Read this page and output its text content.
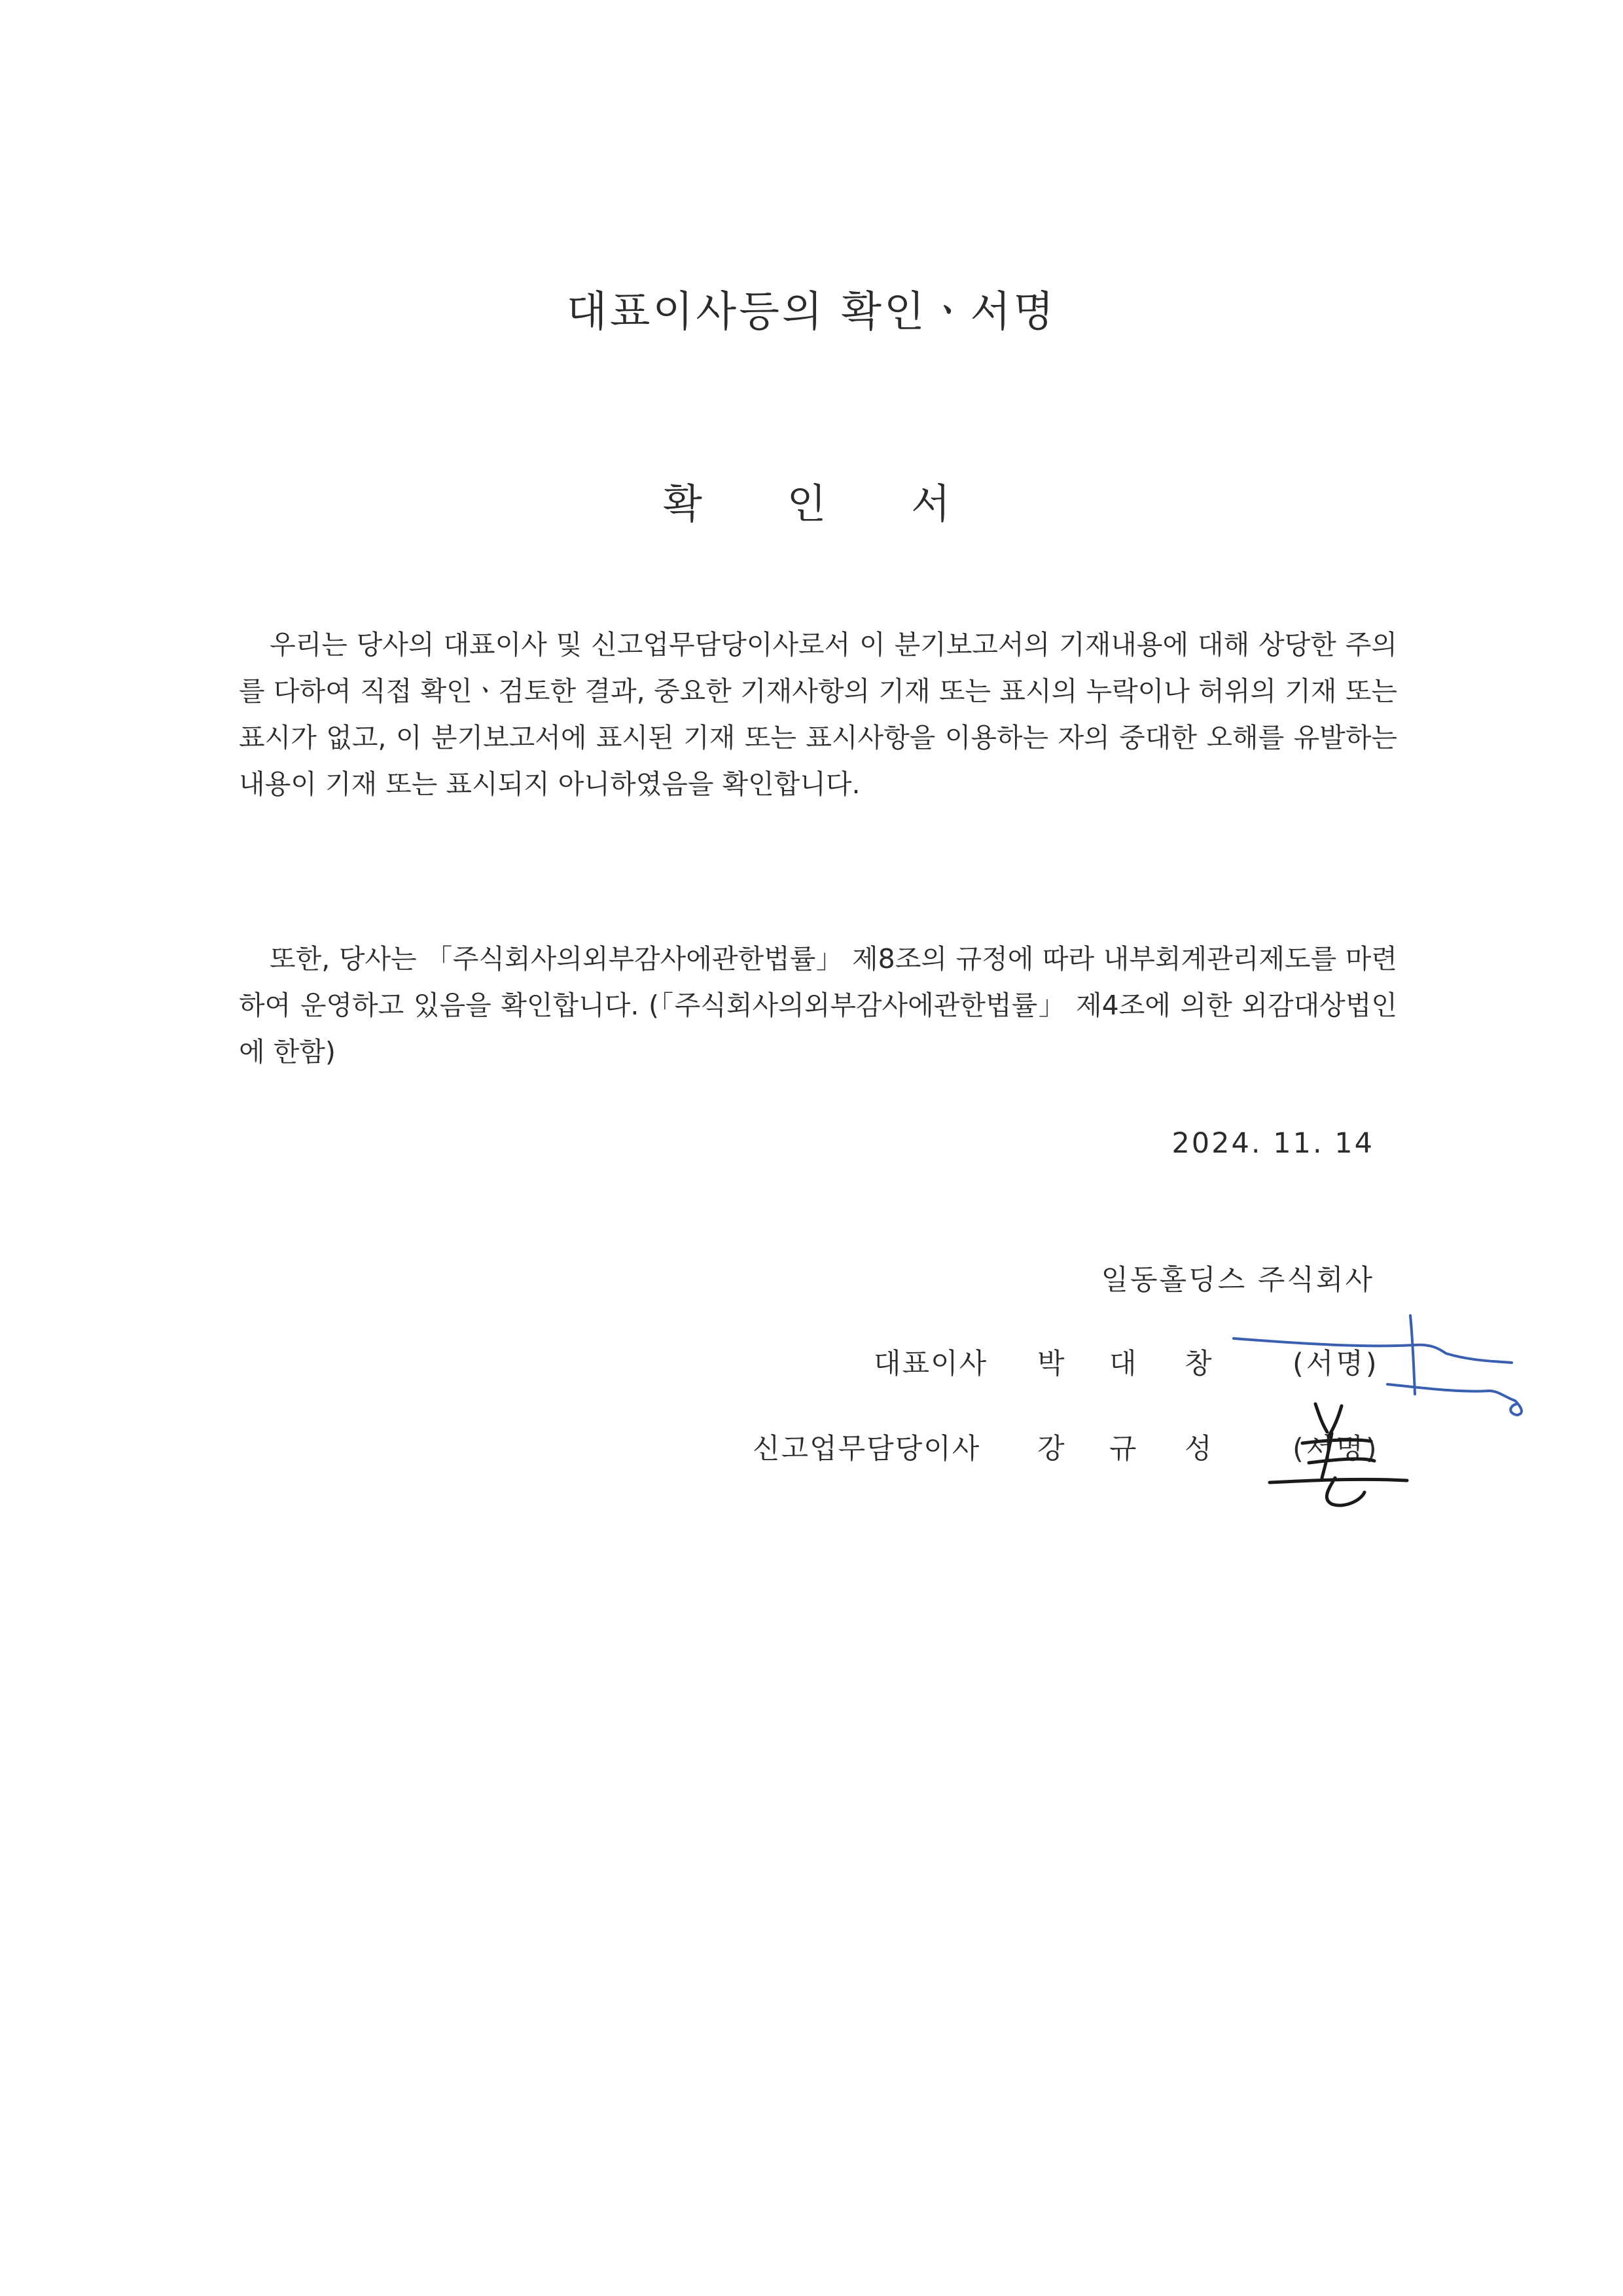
대표이사등의 확인ㆍ서명
확 인 서
우리는 당사의 대표이사 및 신고업무담당이사로서 이 분기보고서의 기재내용에 대해 상당한 주의를 다하여 직접 확인ㆍ검토한 결과, 중요한 기재사항의 기재 또는 표시의 누락이나 허위의 기재 또는 표시가 없고, 이 분기보고서에 표시된 기재 또는 표시사항을 이용하는 자의 중대한 오해를 유발하는 내용이 기재 또는 표시되지 아니하였음을 확인합니다.
또한, 당사는 「주식회사의외부감사에관한법률」 제8조의 규정에 따라 내부회계관리제도를 마련하여 운영하고 있음을 확인합니다. (「주식회사의외부감사에관한법률」 제4조에 의한 외감대상법인에 한함)
2024. 11. 14
일동홀딩스 주식회사
대표이사 박 대 창	(서명)
신고업무담당이사 강 규 성	(서명)
